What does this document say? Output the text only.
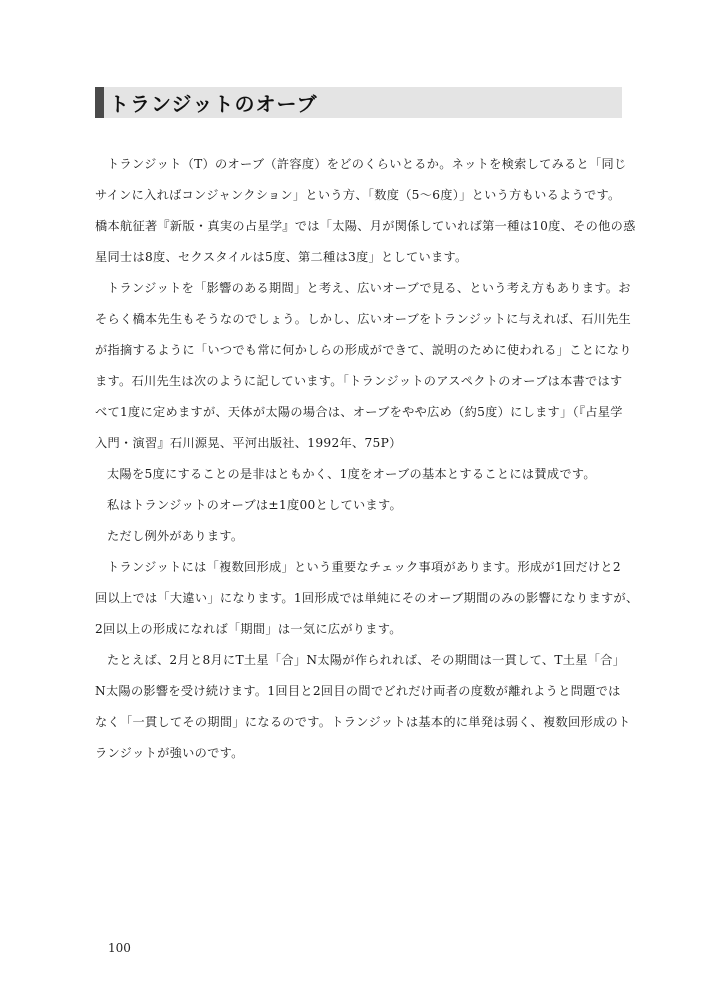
トランジットのオーブ

トランジット（T）のオーブ（許容度）をどのくらいとるか。ネットを検索してみると「同じ
サインに入ればコンジャンクション」という方、「数度（5～6度）」という方もいるようです。
橋本航征著『新版・真実の占星学』では「太陽、月が関係していれば第一種は10度、その他の惑
星同士は8度、セクスタイルは5度、第二種は3度」としています。

トランジットを「影響のある期間」と考え、広いオーブで見る、という考え方もあります。お
そらく橋本先生もそうなのでしょう。しかし、広いオーブをトランジットに与えれば、石川先生
が指摘するように「いつでも常に何かしらの形成ができて、説明のために使われる」ことになり
ます。石川先生は次のように記しています。「トランジットのアスペクトのオーブは本書ではす
べて1度に定めますが、天体が太陽の場合は、オーブをやや広め（約5度）にします」（『占星学
入門・演習』石川源晃、平河出版社、1992年、75P）

太陽を5度にすることの是非はともかく、1度をオーブの基本とすることには賛成です。

私はトランジットのオーブは±1度00としています。

ただし例外があります。

トランジットには「複数回形成」という重要なチェック事項があります。形成が1回だけと2
回以上では「大違い」になります。1回形成では単純にそのオーブ期間のみの影響になりますが、
2回以上の形成になれば「期間」は一気に広がります。

たとえば、2月と8月にT土星「合」N太陽が作られれば、その期間は一貫して、T土星「合」
N太陽の影響を受け続けます。1回目と2回目の間でどれだけ両者の度数が離れようと問題では
なく「一貫してその期間」になるのです。トランジットは基本的に単発は弱く、複数回形成のト
ランジットが強いのです。

100
